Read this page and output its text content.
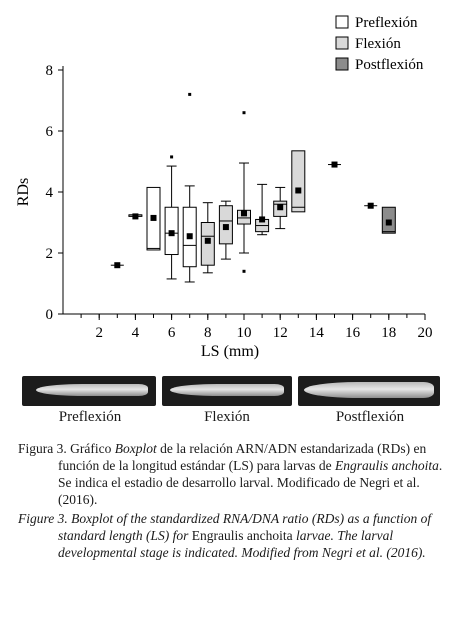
0
2
4
6
8
2 4 6 8 10 12 14 16 18 20
Preflexión
Flexión
Postflexión
LS (mm)
RDs
Preflexión	Flexión	Postflexión

Figura 3. Gráfico Boxplot de la relación ARN/ADN estandarizada (RDs) en función de la longitud estándar (LS) para larvas de Engraulis anchoita. Se indica el estadio de desarrollo larval. Modificado de Negri et al. (2016).

Figure 3. Boxplot of the standardized RNA/DNA ratio (RDs) as a function of standard length (LS) for Engraulis anchoita larvae. The larval developmental stage is indicated. Modified from Negri et al. (2016).
